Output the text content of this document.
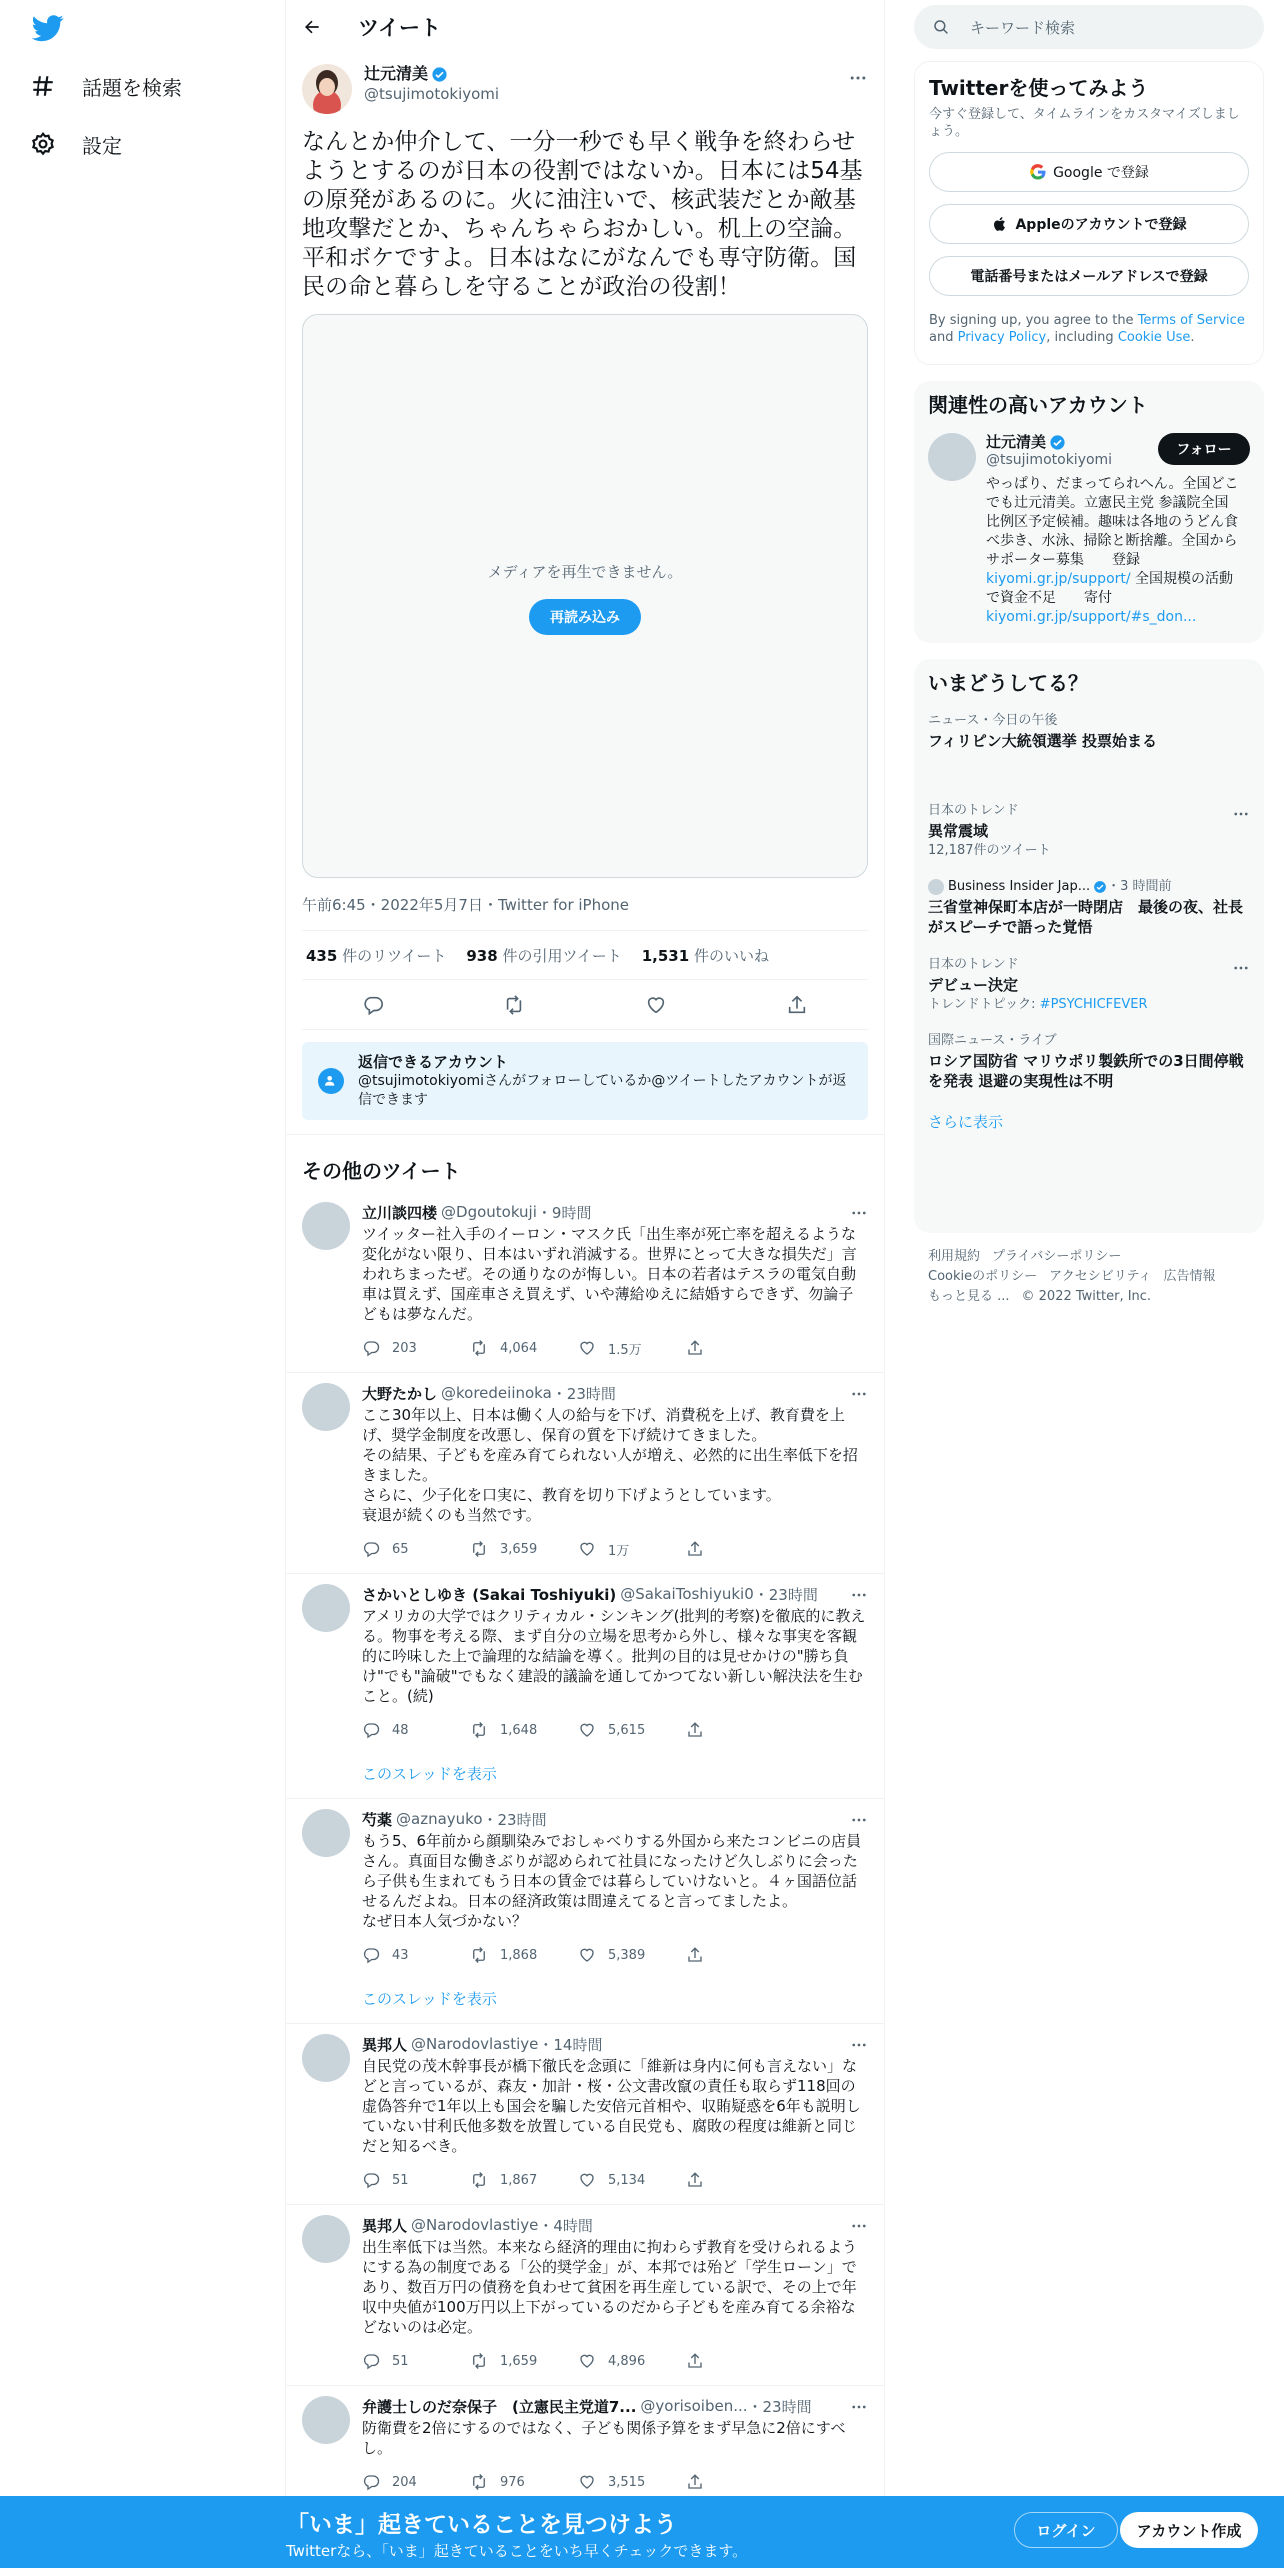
話題を検索
設定
ツイート
辻元清美
@tsujimotokiyomi
なんとか仲介して、一分一秒でも早く戦争を終わらせようとするのが日本の役割ではないか。日本には54基の原発があるのに。火に油注いで、核武装だとか敵基地攻撃だとか、ちゃんちゃらおかしい。机上の空論。平和ボケですよ。日本はなにがなんでも専守防衛。国民の命と暮らしを守ることが政治の役割！
メディアを再生できません。
再読み込み
午前6:45・2022年5月7日・Twitter for iPhone
435 件のリツイート 938 件の引用ツイート 1,531 件のいいね
返信できるアカウント
@tsujimotokiyomiさんがフォローしているか@ツイートしたアカウントが返信できます
その他のツイート
立川談四楼 @Dgoutokuji ・9時間
ツイッター社入手のイーロン・マスク氏「出生率が死亡率を超えるような変化がない限り、日本はいずれ消滅する。世界にとって大きな損失だ」言われちまったぜ。その通りなのが悔しい。日本の若者はテスラの電気自動車は買えず、国産車さえ買えず、いや薄給ゆえに結婚すらできず、勿論子どもは夢なんだ。
203	4,064	1.5万
大野たかし @koredeiinoka ・23時間
ここ30年以上、日本は働く人の給与を下げ、消費税を上げ、教育費を上げ、奨学金制度を改悪し、保育の質を下げ続けてきました。
その結果、子どもを産み育てられない人が増え、必然的に出生率低下を招きました。
さらに、少子化を口実に、教育を切り下げようとしています。
衰退が続くのも当然です。
65	3,659	1万
さかいとしゆき (Sakai Toshiyuki) @SakaiToshiyuki0 ・23時間
アメリカの大学ではクリティカル・シンキング(批判的考察)を徹底的に教える。物事を考える際、まず自分の立場を思考から外し、様々な事実を客観的に吟味した上で論理的な結論を導く。批判の目的は見せかけの"勝ち負け"でも"論破"でもなく建設的議論を通してかつてない新しい解決法を生むこと。(続)
48	1,648	5,615
このスレッドを表示
芍薬 @aznayuko ・23時間
もう5、6年前から顔馴染みでおしゃべりする外国から来たコンビニの店員さん。真面目な働きぶりが認められて社員になったけど久しぶりに会ったら子供も生まれてもう日本の賃金では暮らしていけないと。４ヶ国語位話せるんだよね。日本の経済政策は間違えてると言ってましたよ。
なぜ日本人気づかない？
43	1,868	5,389
このスレッドを表示
異邦人 @Narodovlastiye ・14時間
自民党の茂木幹事長が橋下徹氏を念頭に「維新は身内に何も言えない」などと言っているが、森友・加計・桜・公文書改竄の責任も取らず118回の虚偽答弁で1年以上も国会を騙した安倍元首相や、収賄疑惑を6年も説明していない甘利氏他多数を放置している自民党も、腐敗の程度は維新と同じだと知るべき。
51	1,867	5,134
異邦人 @Narodovlastiye ・4時間
出生率低下は当然。本来なら経済的理由に拘わらず教育を受けられるようにする為の制度である「公的奨学金」が、本邦では殆ど「学生ローン」であり、数百万円の債務を負わせて貧困を再生産している訳で、その上で年収中央値が100万円以上下がっているのだから子どもを産み育てる余裕などないのは必定。
51	1,659	4,896
弁護士しのだ奈保子　(立憲民主党道7... @yorisoiben... ・23時間
防衛費を2倍にするのではなく、子ども関係予算をまず早急に2倍にすべし。
204	976	3,515
キーワード検索
Twitterを使ってみよう
今すぐ登録して、タイムラインをカスタマイズしましょう。
Google で登録
Appleのアカウントで登録
電話番号またはメールアドレスで登録
By signing up, you agree to the Terms of Service and Privacy Policy, including Cookie Use.
関連性の高いアカウント
辻元清美
@tsujimotokiyomi
やっぱり、だまってられへん。全国どこでも辻元清美。立憲民主党 参議院全国比例区予定候補。趣味は各地のうどん食べ歩き、水泳、掃除と断捨離。全国からサポーター募集　　登録 kiyomi.gr.jp/support/ 全国規模の活動で資金不足　　寄付 kiyomi.gr.jp/support/#s_don...
フォロー
いまどうしてる？
ニュース・今日の午後
フィリピン大統領選挙 投票始まる
日本のトレンド
異常震域
12,187件のツイート
Business Insider Jap... ・3 時間前
三省堂神保町本店が一時閉店　最後の夜、社長がスピーチで語った覚悟
日本のトレンド
デビュー決定
トレンドトピック: #PSYCHICFEVER
国際ニュース・ライブ
ロシア国防省 マリウポリ製鉄所での3日間停戦を発表 退避の実現性は不明
さらに表示
利用規約 プライバシーポリシー
Cookieのポリシー アクセシビリティ 広告情報
もっと見る ... © 2022 Twitter, Inc.
「いま」起きていることを見つけよう
Twitterなら、「いま」起きていることをいち早くチェックできます。
ログイン	アカウント作成
